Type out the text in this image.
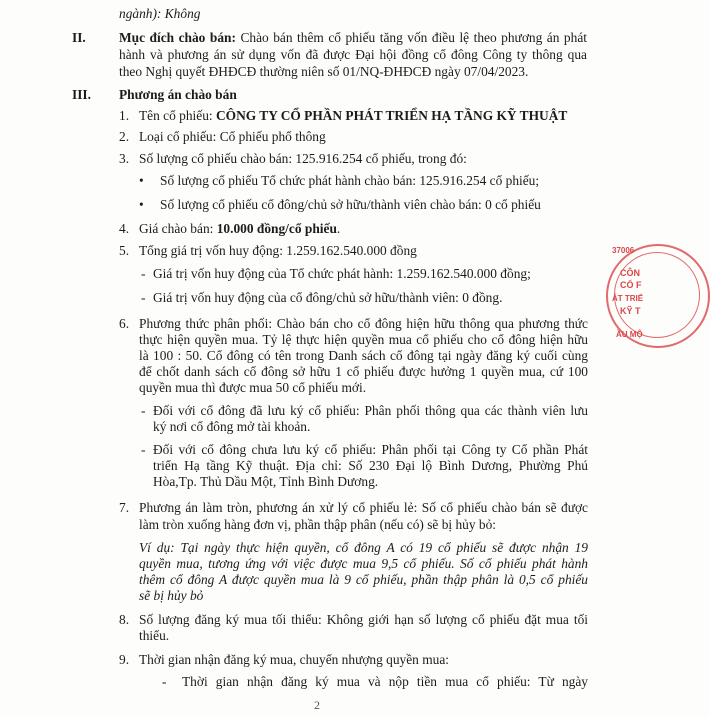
ngành): Không
II. Mục đích chào bán: Chào bán thêm cổ phiếu tăng vốn điều lệ theo phương án phát
hành và phương án sử dụng vốn đã được Đại hội đồng cổ đông Công ty thông qua
theo Nghị quyết ĐHĐCĐ thường niên số 01/NQ-ĐHĐCĐ ngày 07/04/2023.
III. Phương án chào bán
1. Tên cổ phiếu: CÔNG TY CỔ PHẦN PHÁT TRIỂN HẠ TẦNG KỸ THUẬT
2. Loại cổ phiếu: Cổ phiếu phổ thông
3. Số lượng cổ phiếu chào bán: 125.916.254 cổ phiếu, trong đó:
• Số lượng cổ phiếu Tổ chức phát hành chào bán: 125.916.254 cổ phiếu;
• Số lượng cổ phiếu cổ đông/chủ sở hữu/thành viên chào bán: 0 cổ phiếu
4. Giá chào bán: 10.000 đồng/cổ phiếu.
5. Tổng giá trị vốn huy động: 1.259.162.540.000 đồng
- Giá trị vốn huy động của Tổ chức phát hành: 1.259.162.540.000 đồng;
- Giá trị vốn huy động của cổ đông/chủ sở hữu/thành viên: 0 đồng.
6. Phương thức phân phối: Chào bán cho cổ đông hiện hữu thông qua phương thức
thực hiện quyền mua. Tỷ lệ thực hiện quyền mua cổ phiếu cho cổ đông hiện hữu
là 100 : 50. Cổ đông có tên trong Danh sách cổ đông tại ngày đăng ký cuối cùng
để chốt danh sách cổ đông sở hữu 1 cổ phiếu được hưởng 1 quyền mua, cứ 100
quyền mua thì được mua 50 cổ phiếu mới.
- Đối với cổ đông đã lưu ký cổ phiếu: Phân phối thông qua các thành viên lưu
ký nơi cổ đông mở tài khoản.
- Đối với cổ đông chưa lưu ký cổ phiếu: Phân phối tại Công ty Cổ phần Phát
triển Hạ tầng Kỹ thuật. Địa chỉ: Số 230 Đại lộ Bình Dương, Phường Phú
Hòa,Tp. Thủ Dầu Một, Tỉnh Bình Dương.
7. Phương án làm tròn, phương án xử lý cổ phiếu lẻ: Số cổ phiếu chào bán sẽ được
làm tròn xuống hàng đơn vị, phần thập phân (nếu có) sẽ bị hủy bỏ:
Ví dụ: Tại ngày thực hiện quyền, cổ đông A có 19 cổ phiếu sẽ được nhận 19
quyền mua, tương ứng với việc được mua 9,5 cổ phiếu. Số cổ phiếu phát hành
thêm cổ đông A được quyền mua là 9 cổ phiếu, phần thập phân là 0,5 cổ phiếu
sẽ bị hủy bỏ
8. Số lượng đăng ký mua tối thiểu: Không giới hạn số lượng cổ phiếu đặt mua tối
thiểu.
9. Thời gian nhận đăng ký mua, chuyển nhượng quyền mua:
- Thời gian nhận đăng ký mua và nộp tiền mua cổ phiếu: Từ ngày
2
37006
CÔN
CỔ F
ÁT TRIỂ
KỸ T
ẦU MỘ
